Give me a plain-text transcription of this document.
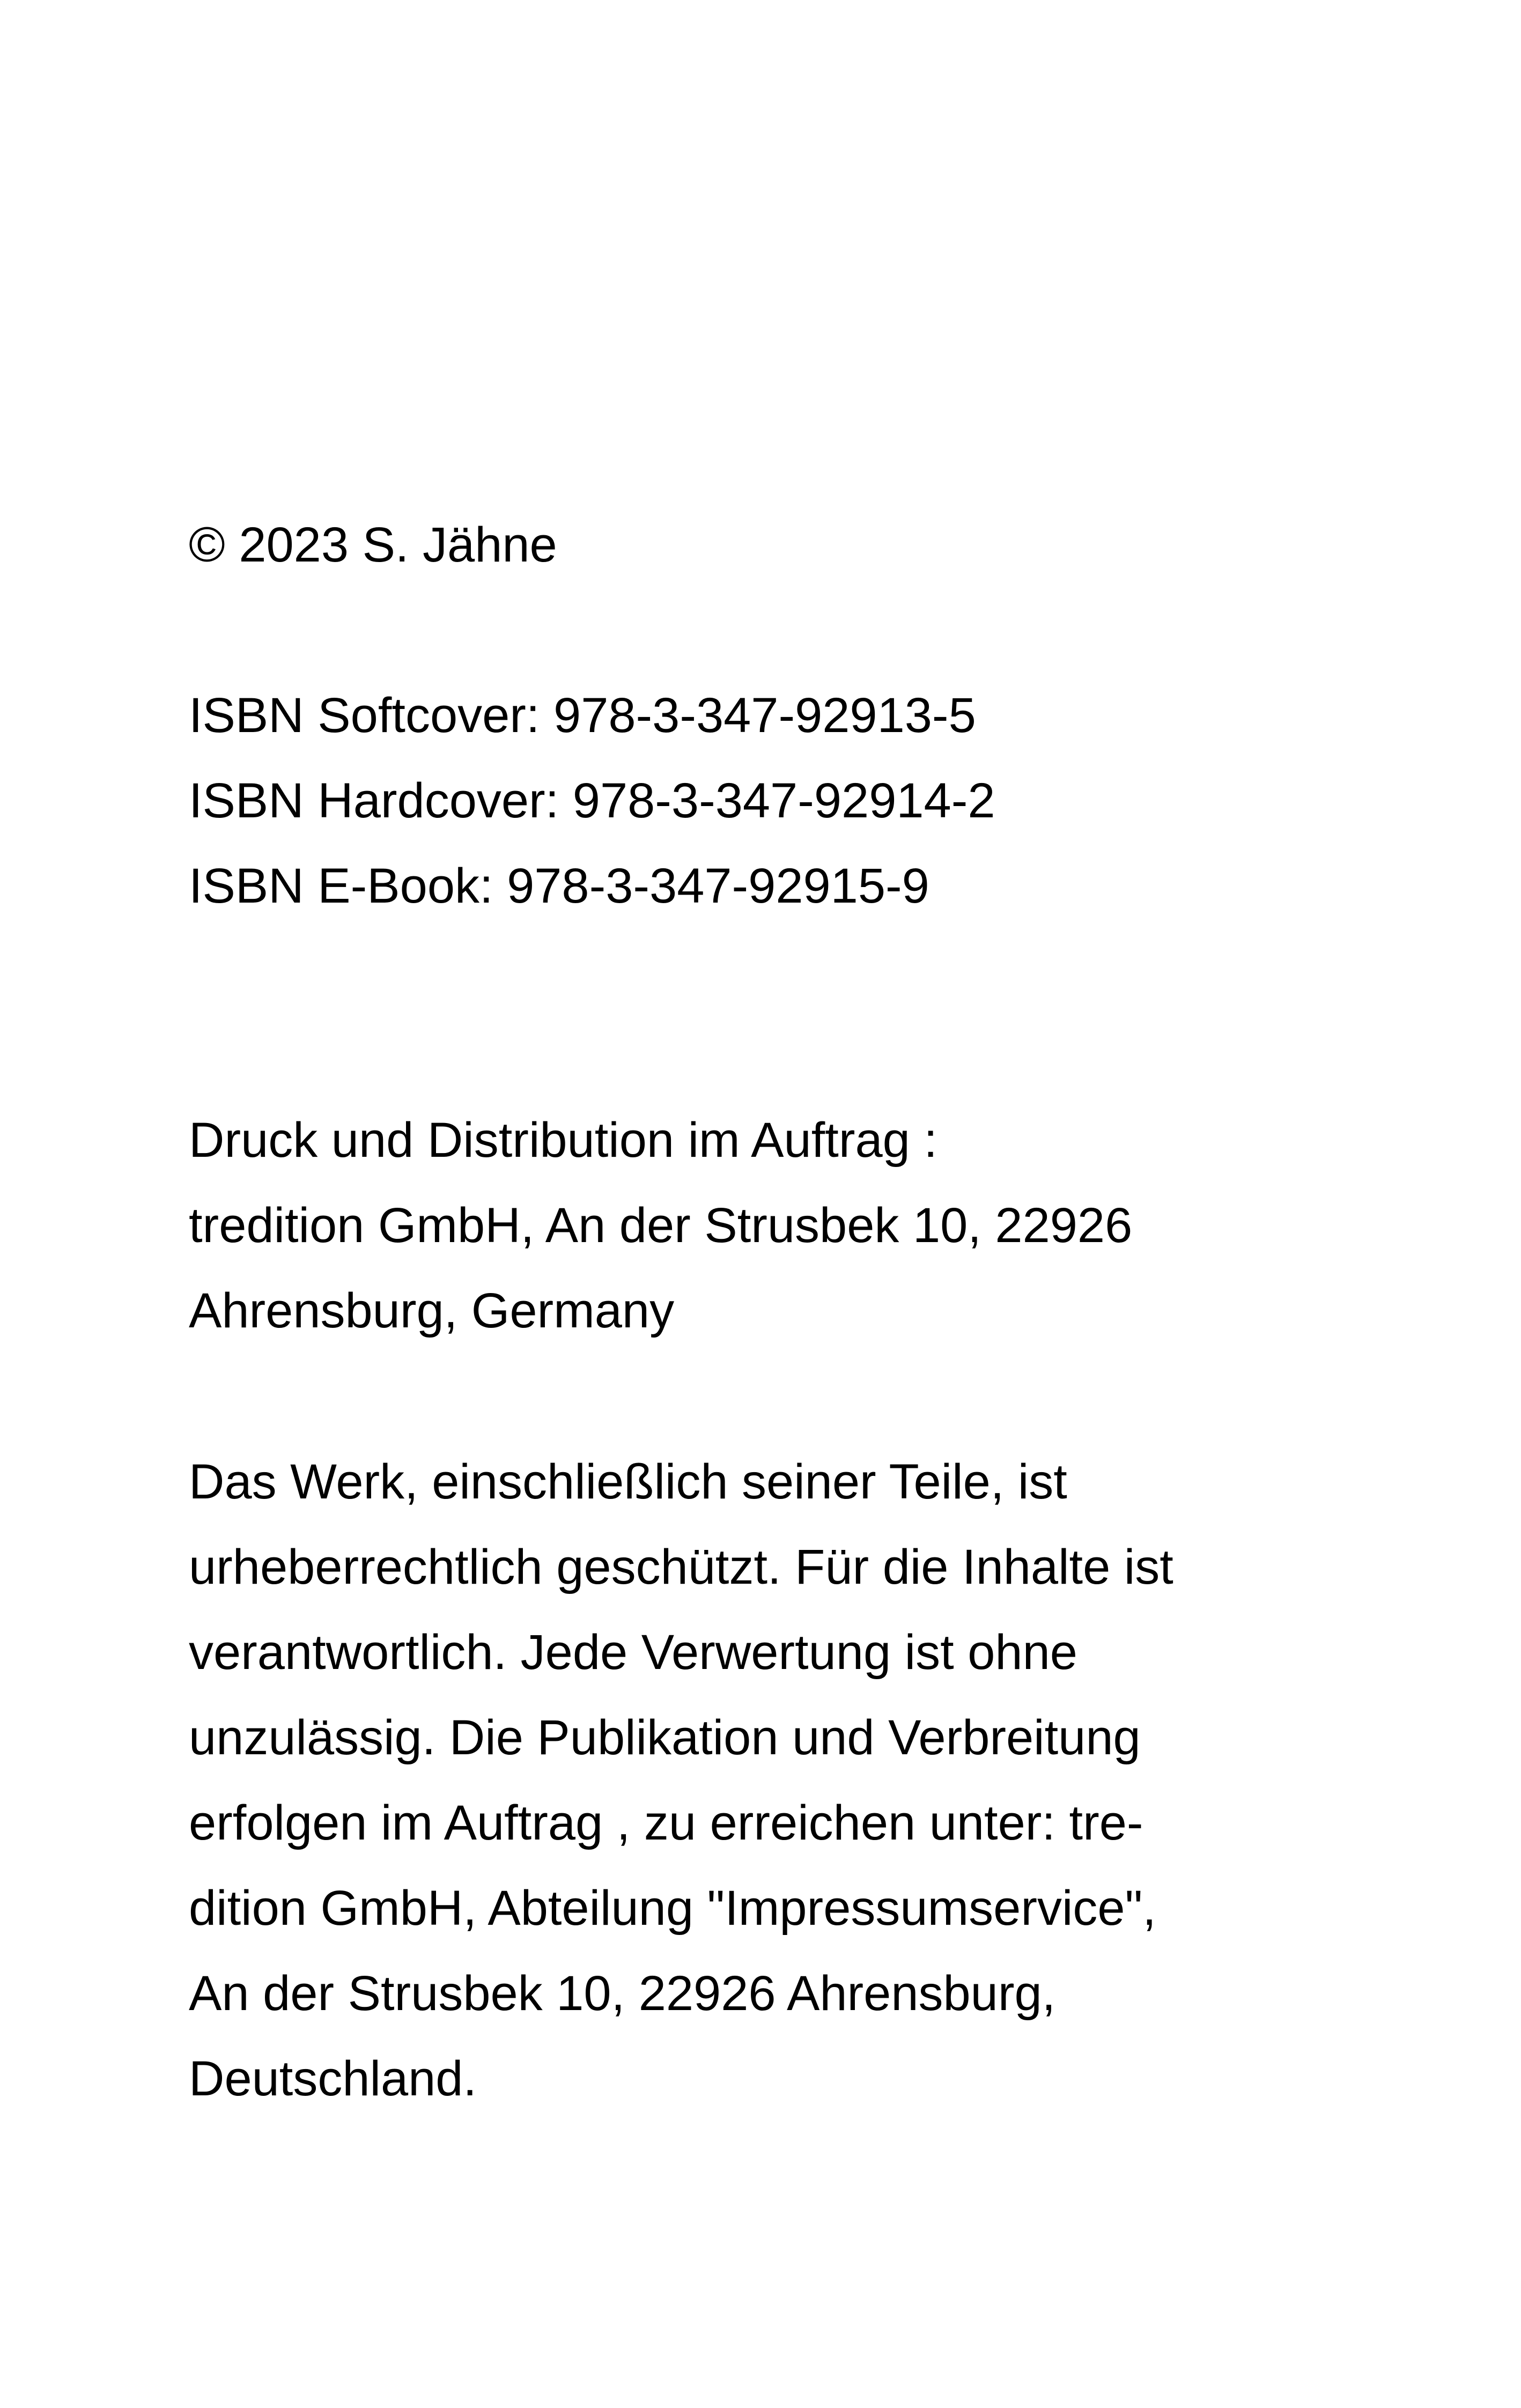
© 2023 S. Jähne

ISBN Softcover: 978-3-347-92913-5
ISBN Hardcover: 978-3-347-92914-2
ISBN E-Book: 978-3-347-92915-9

Druck und Distribution im Auftrag :
tredition GmbH, An der Strusbek 10, 22926
Ahrensburg, Germany

Das Werk, einschließlich seiner Teile, ist
urheberrechtlich geschützt. Für die Inhalte ist
verantwortlich. Jede Verwertung ist ohne
unzulässig. Die Publikation und Verbreitung
erfolgen im Auftrag , zu erreichen unter: tre-
dition GmbH, Abteilung "Impressumservice",
An der Strusbek 10, 22926 Ahrensburg,
Deutschland.
